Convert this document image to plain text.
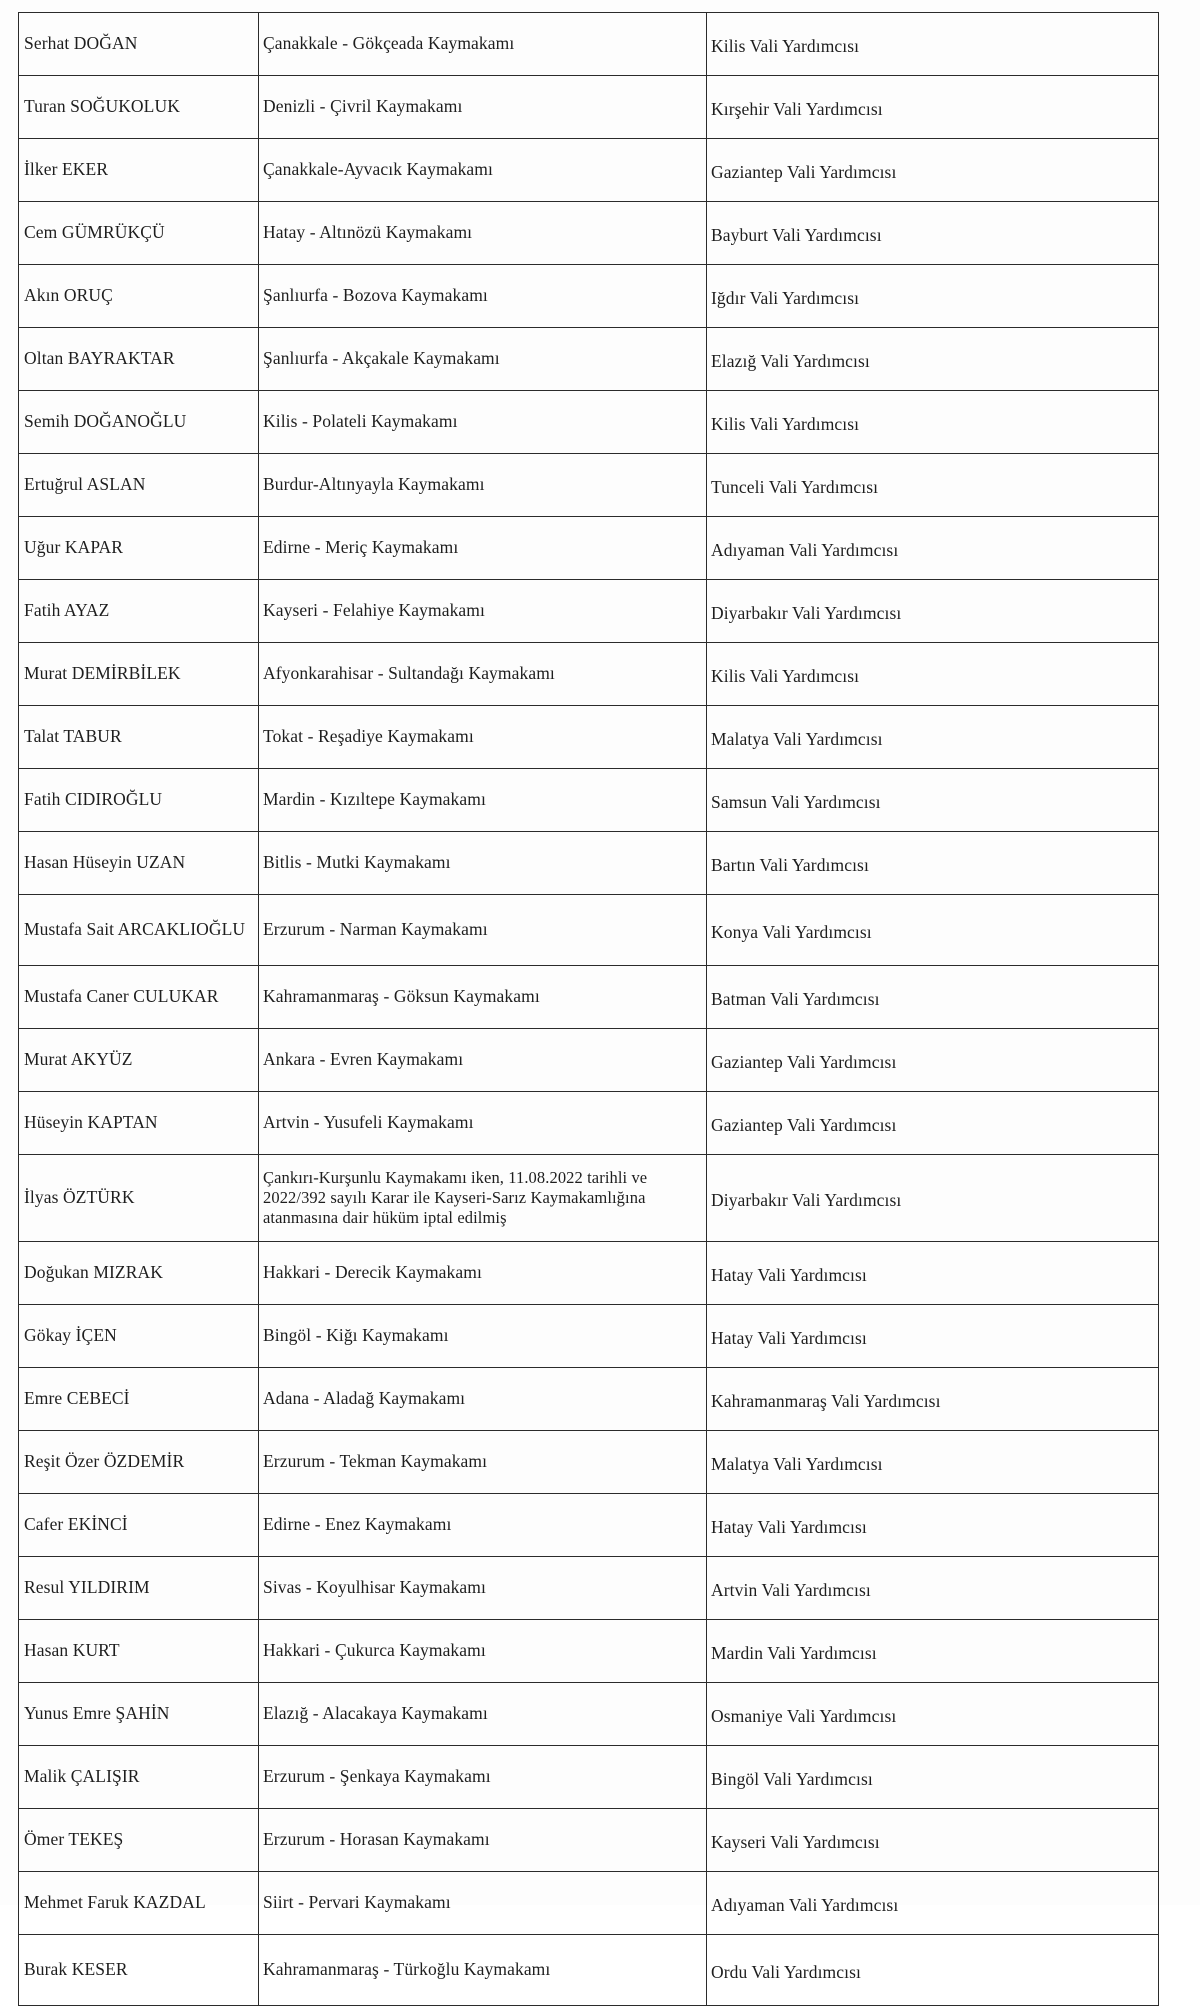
Serhat DOĞAN	Çanakkale - Gökçeada Kaymakamı	Kilis Vali Yardımcısı
Turan SOĞUKOLUK	Denizli - Çivril Kaymakamı	Kırşehir Vali Yardımcısı
İlker EKER	Çanakkale-Ayvacık Kaymakamı	Gaziantep Vali Yardımcısı
Cem GÜMRÜKÇÜ	Hatay - Altınözü Kaymakamı	Bayburt Vali Yardımcısı
Akın ORUÇ	Şanlıurfa - Bozova Kaymakamı	Iğdır Vali Yardımcısı
Oltan BAYRAKTAR	Şanlıurfa - Akçakale Kaymakamı	Elazığ Vali Yardımcısı
Semih DOĞANOĞLU	Kilis - Polateli Kaymakamı	Kilis Vali Yardımcısı
Ertuğrul ASLAN	Burdur-Altınyayla Kaymakamı	Tunceli Vali Yardımcısı
Uğur KAPAR	Edirne - Meriç Kaymakamı	Adıyaman Vali Yardımcısı
Fatih AYAZ	Kayseri - Felahiye Kaymakamı	Diyarbakır Vali Yardımcısı
Murat DEMİRBİLEK	Afyonkarahisar - Sultandağı Kaymakamı	Kilis Vali Yardımcısı
Talat TABUR	Tokat - Reşadiye Kaymakamı	Malatya Vali Yardımcısı
Fatih CIDIROĞLU	Mardin - Kızıltepe Kaymakamı	Samsun Vali Yardımcısı
Hasan Hüseyin UZAN	Bitlis - Mutki Kaymakamı	Bartın Vali Yardımcısı
Mustafa Sait ARCAKLIOĞLU	Erzurum - Narman Kaymakamı	Konya Vali Yardımcısı
Mustafa Caner CULUKAR	Kahramanmaraş - Göksun Kaymakamı	Batman Vali Yardımcısı
Murat AKYÜZ	Ankara - Evren Kaymakamı	Gaziantep Vali Yardımcısı
Hüseyin KAPTAN	Artvin - Yusufeli Kaymakamı	Gaziantep Vali Yardımcısı
İlyas ÖZTÜRK	Çankırı-Kurşunlu Kaymakamı iken, 11.08.2022 tarihli ve 2022/392 sayılı Karar ile Kayseri-Sarız Kaymakamlığına atanmasına dair hüküm iptal edilmiş	Diyarbakır Vali Yardımcısı
Doğukan MIZRAK	Hakkari - Derecik Kaymakamı	Hatay Vali Yardımcısı
Gökay İÇEN	Bingöl - Kiğı Kaymakamı	Hatay Vali Yardımcısı
Emre CEBECİ	Adana - Aladağ Kaymakamı	Kahramanmaraş Vali Yardımcısı
Reşit Özer ÖZDEMİR	Erzurum - Tekman Kaymakamı	Malatya Vali Yardımcısı
Cafer EKİNCİ	Edirne - Enez Kaymakamı	Hatay Vali Yardımcısı
Resul YILDIRIM	Sivas - Koyulhisar Kaymakamı	Artvin Vali Yardımcısı
Hasan KURT	Hakkari - Çukurca Kaymakamı	Mardin Vali Yardımcısı
Yunus Emre ŞAHİN	Elazığ - Alacakaya Kaymakamı	Osmaniye Vali Yardımcısı
Malik ÇALIŞIR	Erzurum - Şenkaya Kaymakamı	Bingöl Vali Yardımcısı
Ömer TEKEŞ	Erzurum - Horasan Kaymakamı	Kayseri Vali Yardımcısı
Mehmet Faruk KAZDAL	Siirt - Pervari Kaymakamı	Adıyaman Vali Yardımcısı
Burak KESER	Kahramanmaraş - Türkoğlu Kaymakamı	Ordu Vali Yardımcısı
